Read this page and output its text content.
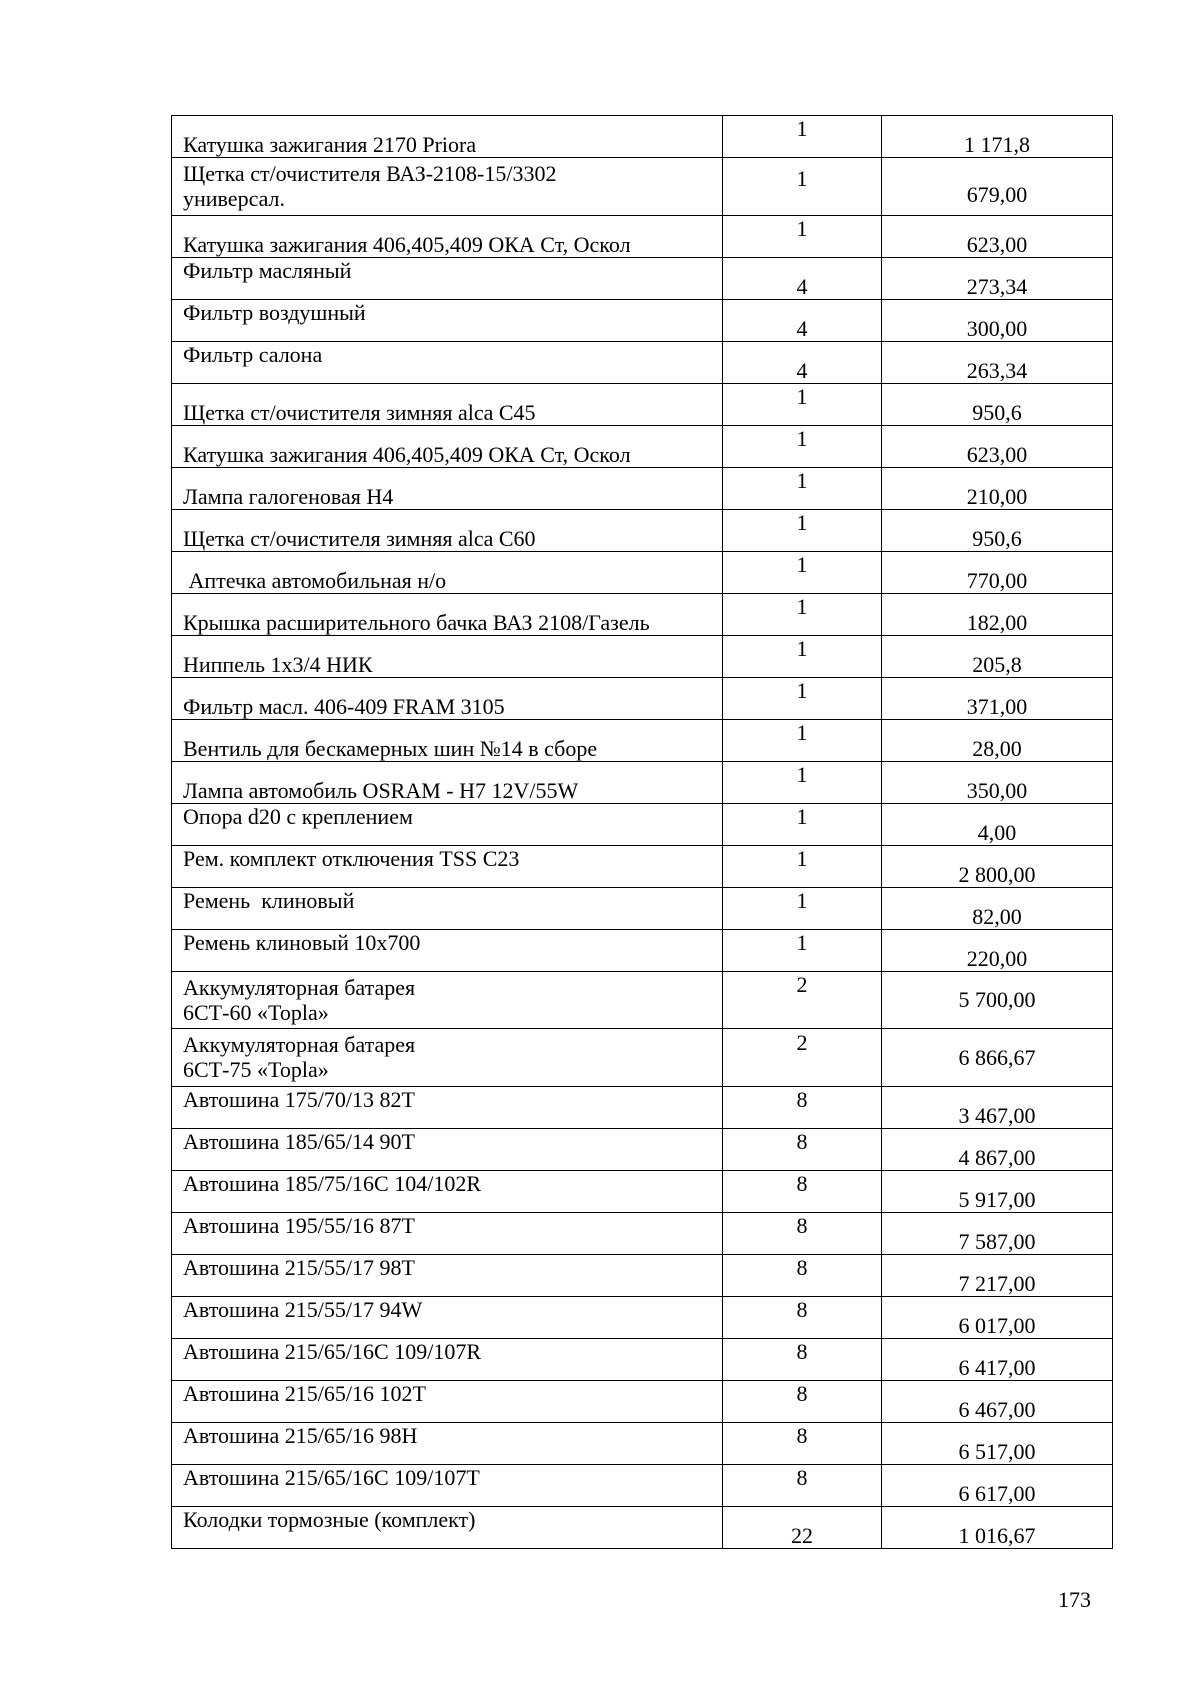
Катушка зажигания 2170 Priora	1	1 171,8

Щетка ст/очистителя ВАЗ-2108-15/3302
универсал.	1	679,00

Катушка зажигания 406,405,409 ОКА Ст, Оскол	1	623,00

Фильтр масляный	4	273,34

Фильтр воздушный	4	300,00

Фильтр салона	4	263,34

Щетка ст/очистителя зимняя alca C45	1	950,6

Катушка зажигания 406,405,409 ОКА Ст, Оскол	1	623,00

Лампа галогеновая Н4	1	210,00

Щетка ст/очистителя зимняя alca C60	1	950,6

Аптечка автомобильная н/о	1	770,00

Крышка расширительного бачка ВАЗ 2108/Газель	1	182,00

Ниппель 1х3/4 НИК	1	205,8

Фильтр масл. 406-409 FRAM 3105	1	371,00

Вентиль для бескамерных шин №14 в сборе	1	28,00

Лампа автомобиль OSRAM - H7 12V/55W	1	350,00

Опора d20 с креплением	1	4,00

Рем. комплект отключения TSS C23	1	2 800,00

Ремень  клиновый	1	82,00

Ремень клиновый 10х700	1	220,00

Аккумуляторная батарея
6СТ-60 «Topla»	2	5 700,00

Аккумуляторная батарея
6СТ-75 «Topla»	2	6 866,67

Автошина 175/70/13 82Т	8	3 467,00

Автошина 185/65/14 90Т	8	4 867,00

Автошина 185/75/16С 104/102R	8	5 917,00

Автошина 195/55/16 87Т	8	7 587,00

Автошина 215/55/17 98Т	8	7 217,00

Автошина 215/55/17 94W	8	6 017,00

Автошина 215/65/16С 109/107R	8	6 417,00

Автошина 215/65/16 102Т	8	6 467,00

Автошина 215/65/16 98Н	8	6 517,00

Автошина 215/65/16С 109/107Т	8	6 617,00

Колодки тормозные (комплект)	22	1 016,67
173
